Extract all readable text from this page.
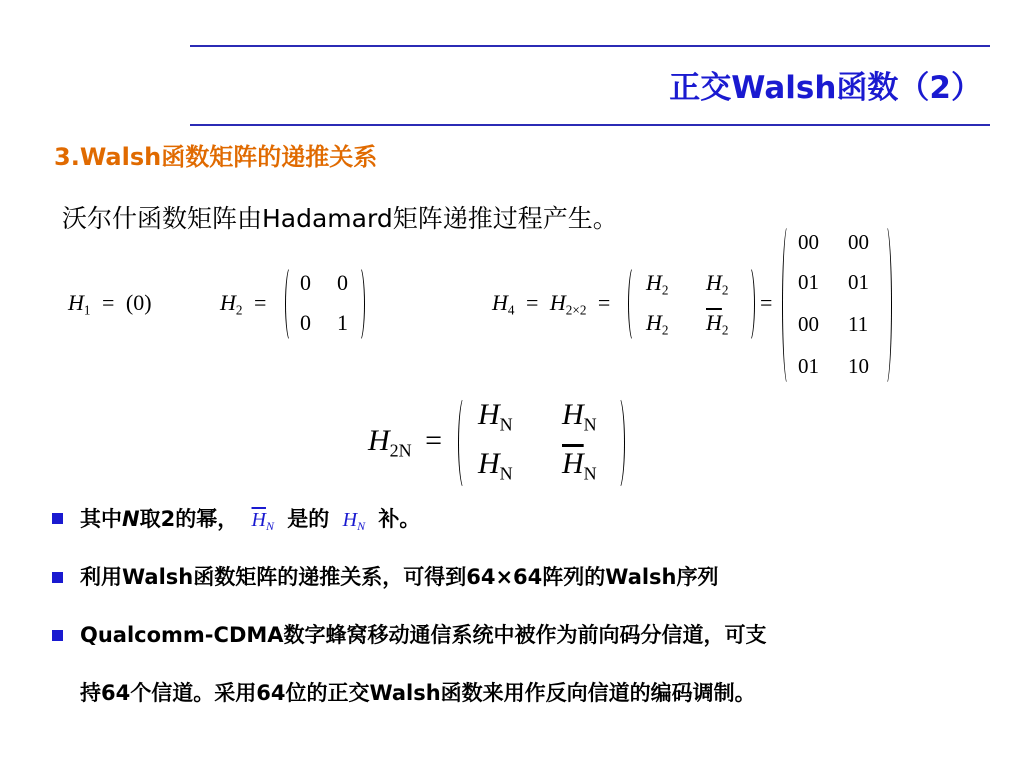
正交Walsh函数（2）
3.Walsh函数矩阵的递推关系
沃尔什函数矩阵由Hadamard矩阵递推过程产生。
$H_1 = (0)$	$H_2$ =
0 0
0 1
$H_4 = H_{2\times 2}$ =
$H_2$ $H_2$
$H_2$ $\overline{H}_2$
=
00 00
01 01
00 11
01 10
$H_{2N}$ =
$H_N$ $H_N$
$H_N$ $\overline{H}_N$
其中N取2的幂， $\overline{H}_N$ 是的 $H_N$ 补。
利用Walsh函数矩阵的递推关系，可得到64×64阵列的Walsh序列
Qualcomm-CDMA数字蜂窝移动通信系统中被作为前向码分信道，可支
持64个信道。采用64位的正交Walsh函数来用作反向信道的编码调制。
